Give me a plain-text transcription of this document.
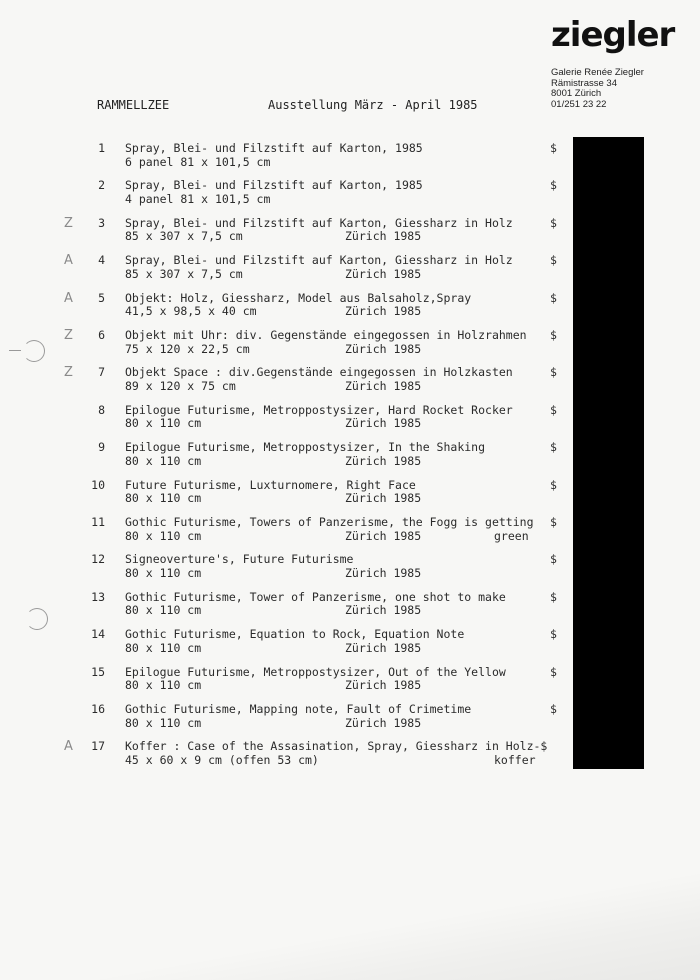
ziegler
Galerie Renée Ziegler
Rämistrasse 34
8001 Zürich
01/251 23 22
RAMMELLZEE	Ausstellung März - April 1985
1 Spray, Blei- und Filzstift auf Karton, 1985
6 panel 81 x 101,5 cm
$
2 Spray, Blei- und Filzstift auf Karton, 1985
4 panel 81 x 101,5 cm
$
Z 3 Spray, Blei- und Filzstift auf Karton, Giessharz in Holz
85 x 307 x 7,5 cm	Zürich 1985
$
A 4 Spray, Blei- und Filzstift auf Karton, Giessharz in Holz
85 x 307 x 7,5 cm	Zürich 1985
$
A 5 Objekt: Holz, Giessharz, Model aus Balsaholz,Spray
41,5 x 98,5 x 40 cm	Zürich 1985
$
Z 6 Objekt mit Uhr: div. Gegenstände eingegossen in Holzrahmen
75 x 120 x 22,5 cm	Zürich 1985
$
Z 7 Objekt Space : div.Gegenstände eingegossen in Holzkasten
89 x 120 x 75 cm	Zürich 1985
$
8 Epilogue Futurisme, Metroppostysizer, Hard Rocket Rocker
80 x 110 cm	Zürich 1985
$
9 Epilogue Futurisme, Metroppostysizer, In the Shaking
80 x 110 cm	Zürich 1985
$
10 Future Futurisme, Luxturnomere, Right Face
80 x 110 cm	Zürich 1985
$
11 Gothic Futurisme, Towers of Panzerisme, the Fogg is getting
80 x 110 cm	Zürich 1985	green
$
12 Signeoverture's, Future Futurisme
80 x 110 cm	Zürich 1985
$
13 Gothic Futurisme, Tower of Panzerisme, one shot to make
80 x 110 cm	Zürich 1985
$
14 Gothic Futurisme, Equation to Rock, Equation Note
80 x 110 cm	Zürich 1985
$
15 Epilogue Futurisme, Metroppostysizer, Out of the Yellow
80 x 110 cm	Zürich 1985
$
16 Gothic Futurisme, Mapping note, Fault of Crimetime
80 x 110 cm	Zürich 1985
$
A 17 Koffer : Case of the Assasination, Spray, Giessharz in Holz-$
45 x 60 x 9 cm (offen 53 cm)	koffer
